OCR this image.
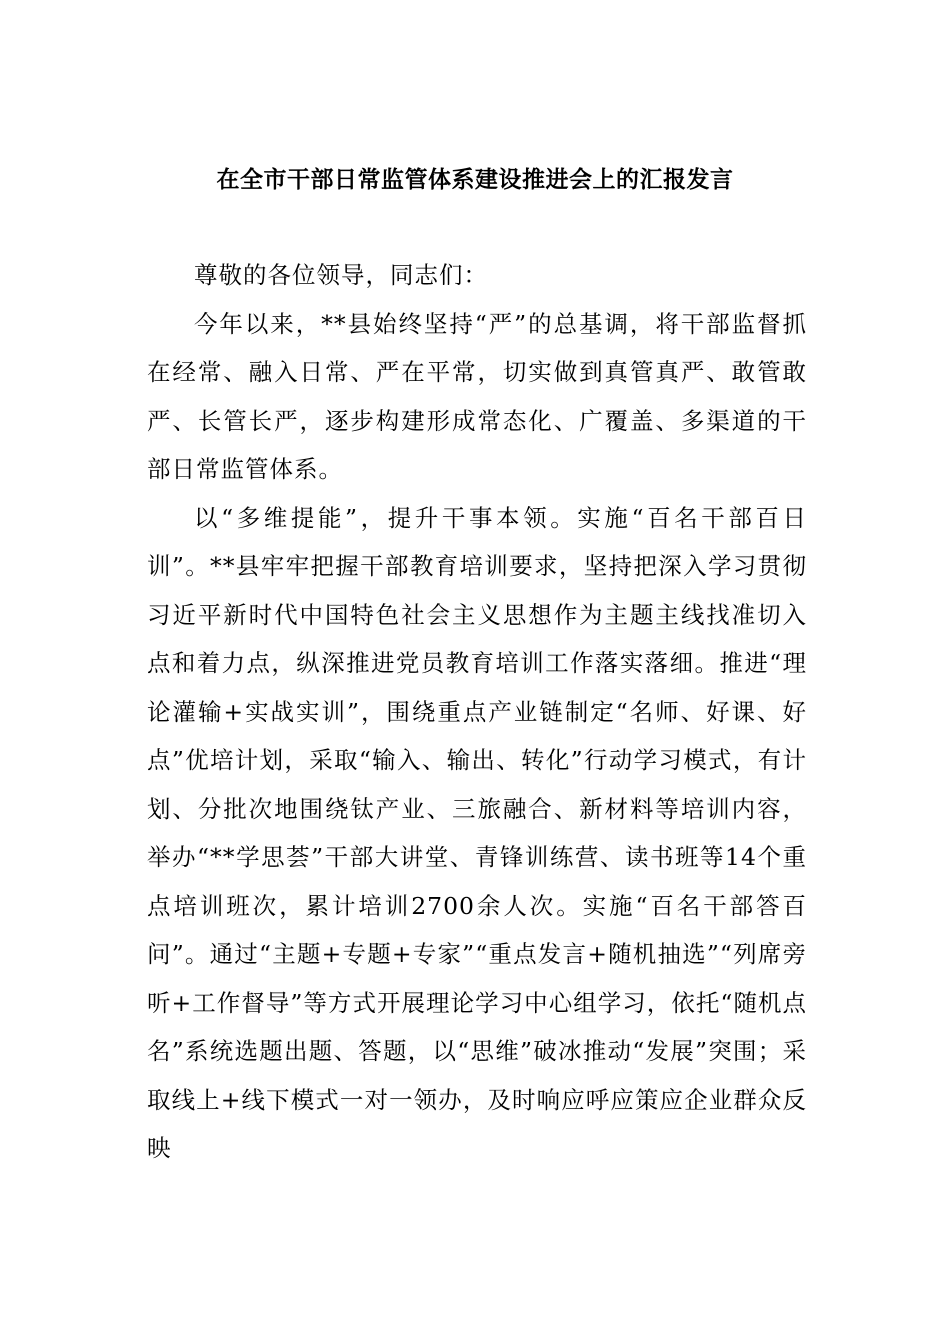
在全市干部日常监管体系建设推进会上的汇报发言

尊敬的各位领导，同志们：

今年以来，**县始终坚持“严”的总基调，将干部监督抓在经常、融入日常、严在平常，切实做到真管真严、敢管敢严、长管长严，逐步构建形成常态化、广覆盖、多渠道的干部日常监管体系。

以“多维提能”，提升干事本领。实施“百名干部百日训”。**县牢牢把握干部教育培训要求，坚持把深入学习贯彻习近平新时代中国特色社会主义思想作为主题主线找准切入点和着力点，纵深推进党员教育培训工作落实落细。推进“理论灌输+实战实训”，围绕重点产业链制定“名师、好课、好点”优培计划，采取“输入、输出、转化”行动学习模式，有计划、分批次地围绕钛产业、三旅融合、新材料等培训内容，举办“**学思荟”干部大讲堂、青锋训练营、读书班等14个重点培训班次，累计培训2700余人次。实施“百名干部答百问”。通过“主题+专题+专家”“重点发言+随机抽选”“列席旁听+工作督导”等方式开展理论学习中心组学习，依托“随机点名”系统选题出题、答题，以“思维”破冰推动“发展”突围；采取线上+线下模式一对一领办，及时响应呼应策应企业群众反映
